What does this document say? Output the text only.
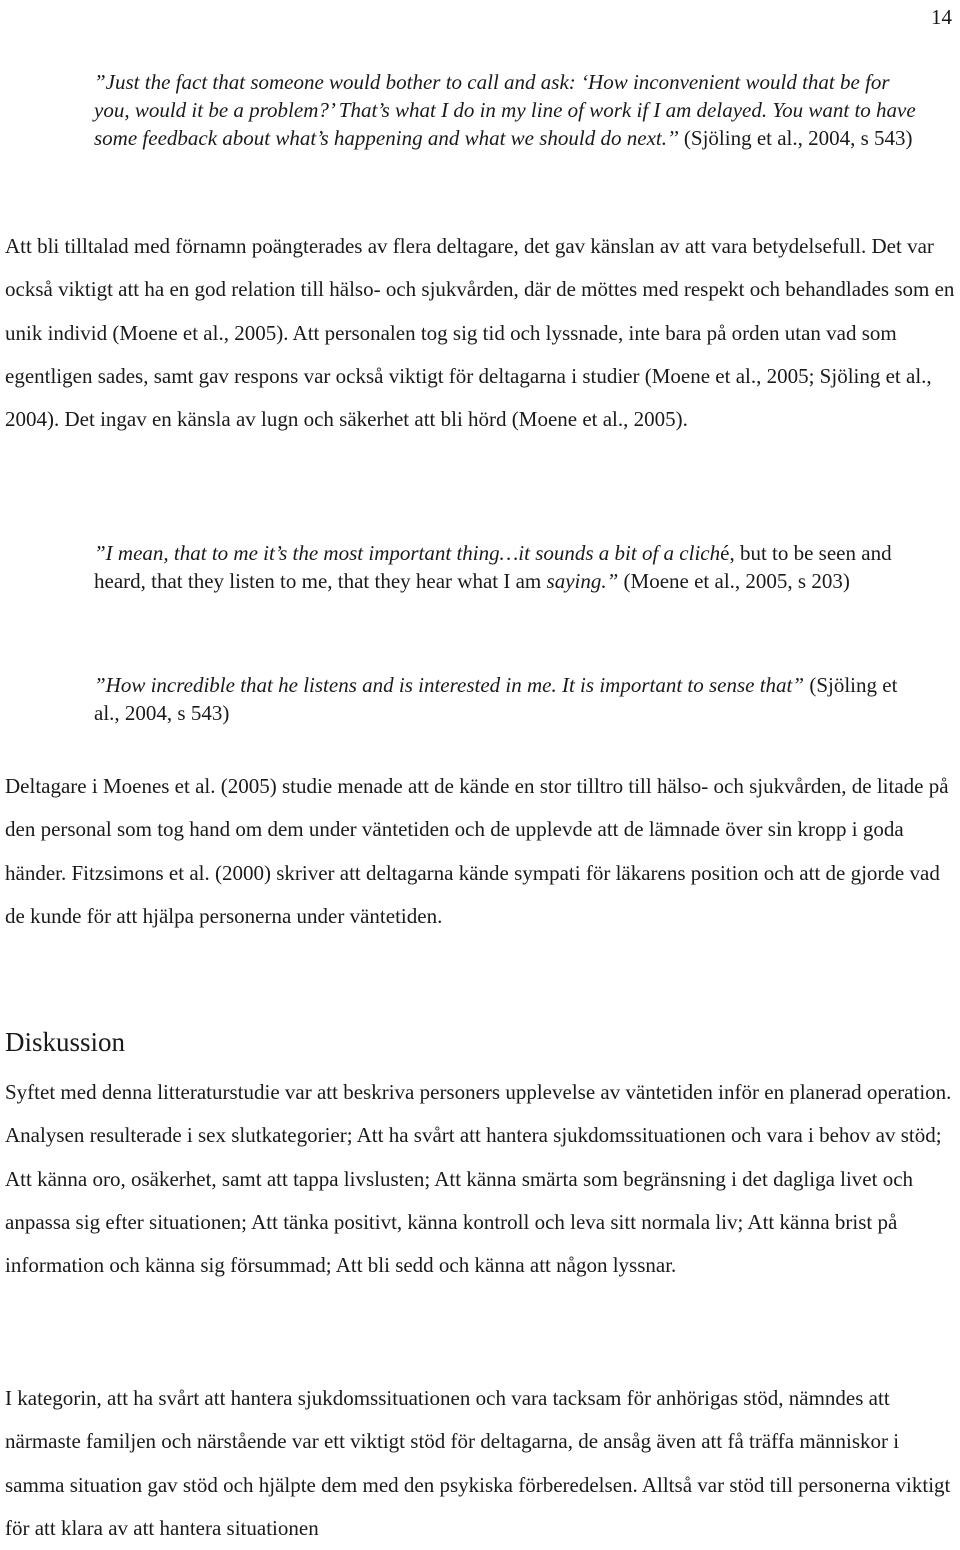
14
”Just the fact that someone would bother to call and ask: ‘How inconvenient would that be for you, would it be a problem?’ That’s what I do in my line of work if I am delayed. You want to have some feedback about what’s happening and what we should do next.’’ (Sjöling et al., 2004, s 543)
Att bli tilltalad med förnamn poängterades av flera deltagare, det gav känslan av att vara betydelsefull. Det var också viktigt att ha en god relation till hälso- och sjukvården, där de möttes med respekt och behandlades som en unik individ (Moene et al., 2005). Att personalen tog sig tid och lyssnade, inte bara på orden utan vad som egentligen sades, samt gav respons var också viktigt för deltagarna i studier (Moene et al., 2005; Sjöling et al., 2004). Det ingav en känsla av lugn och säkerhet att bli hörd (Moene et al., 2005).
”I mean, that to me it’s the most important thing…it sounds a bit of a cliché, but to be seen and heard, that they listen to me, that they hear what I am saying.” (Moene et al., 2005, s 203)
”How incredible that he listens and is interested in me. It is important to sense that” (Sjöling et al., 2004, s 543)
Deltagare i Moenes et al. (2005) studie menade att de kände en stor tilltro till hälso- och sjukvården, de litade på den personal som tog hand om dem under väntetiden och de upplevde att de lämnade över sin kropp i goda händer. Fitzsimons et al. (2000) skriver att deltagarna kände sympati för läkarens position och att de gjorde vad de kunde för att hjälpa personerna under väntetiden.
Diskussion
Syftet med denna litteraturstudie var att beskriva personers upplevelse av väntetiden inför en planerad operation. Analysen resulterade i sex slutkategorier; Att ha svårt att hantera sjukdomssituationen och vara i behov av stöd; Att känna oro, osäkerhet, samt att tappa livslusten; Att känna smärta som begränsning i det dagliga livet och anpassa sig efter situationen; Att tänka positivt, känna kontroll och leva sitt normala liv; Att känna brist på information och känna sig försummad; Att bli sedd och känna att någon lyssnar.
I kategorin, att ha svårt att hantera sjukdomssituationen och vara tacksam för anhörigas stöd, nämndes att närmaste familjen och närstående var ett viktigt stöd för deltagarna, de ansåg även att få träffa människor i samma situation gav stöd och hjälpte dem med den psykiska förberedelsen. Alltså var stöd till personerna viktigt för att klara av att hantera situationen
